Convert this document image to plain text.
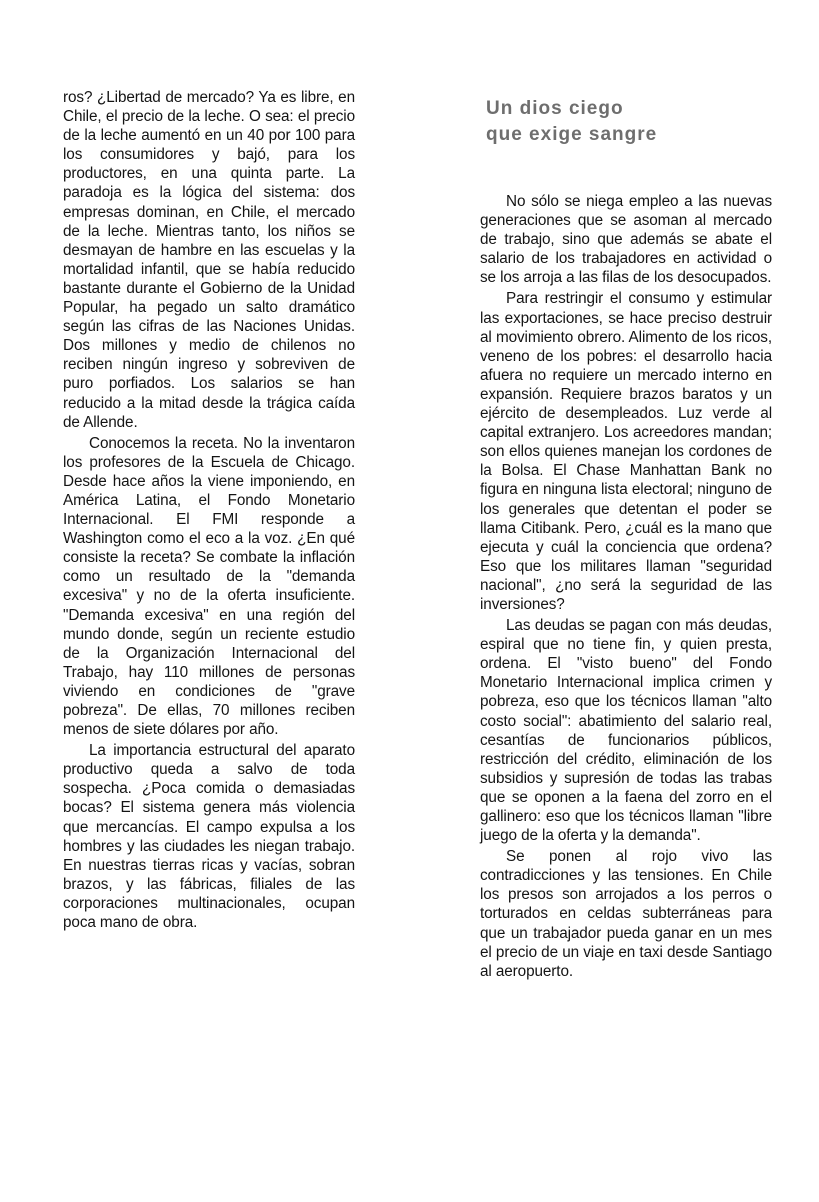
ros? ¿Libertad de mercado? Ya es libre, en Chile, el precio de la leche. O sea: el precio de la leche aumentó en un 40 por 100 para los consumidores y bajó, para los productores, en una quinta parte. La paradoja es la lógica del sistema: dos empresas dominan, en Chile, el mercado de la leche. Mientras tanto, los niños se desmayan de hambre en las escuelas y la mortalidad infantil, que se había reducido bastante durante el Gobierno de la Unidad Popular, ha pegado un salto dramático según las cifras de las Naciones Unidas. Dos millones y medio de chilenos no reciben ningún ingreso y sobreviven de puro porfiados. Los salarios se han reducido a la mitad desde la trágica caída de Allende.

Conocemos la receta. No la inventaron los profesores de la Escuela de Chicago. Desde hace años la viene imponiendo, en América Latina, el Fondo Monetario Internacional. El FMI responde a Washington como el eco a la voz. ¿En qué consiste la receta? Se combate la inflación como un resultado de la "demanda excesiva" y no de la oferta insuficiente. "Demanda excesiva" en una región del mundo donde, según un reciente estudio de la Organización Internacional del Trabajo, hay 110 millones de personas viviendo en condiciones de "grave pobreza". De ellas, 70 millones reciben menos de siete dólares por año.

La importancia estructural del aparato productivo queda a salvo de toda sospecha. ¿Poca comida o demasiadas bocas? El sistema genera más violencia que mercancías. El campo expulsa a los hombres y las ciudades les niegan trabajo. En nuestras tierras ricas y vacías, sobran brazos, y las fábricas, filiales de las corporaciones multinacionales, ocupan poca mano de obra.

Un dios ciego
que exige sangre

No sólo se niega empleo a las nuevas generaciones que se asoman al mercado de trabajo, sino que además se abate el salario de los trabajadores en actividad o se los arroja a las filas de los desocupados.

Para restringir el consumo y estimular las exportaciones, se hace preciso destruir al movimiento obrero. Alimento de los ricos, veneno de los pobres: el desarrollo hacia afuera no requiere un mercado interno en expansión. Requiere brazos baratos y un ejército de desempleados. Luz verde al capital extranjero. Los acreedores mandan; son ellos quienes manejan los cordones de la Bolsa. El Chase Manhattan Bank no figura en ninguna lista electoral; ninguno de los generales que detentan el poder se llama Citibank. Pero, ¿cuál es la mano que ejecuta y cuál la conciencia que ordena? Eso que los militares llaman "seguridad nacional", ¿no será la seguridad de las inversiones?

Las deudas se pagan con más deudas, espiral que no tiene fin, y quien presta, ordena. El "visto bueno" del Fondo Monetario Internacional implica crimen y pobreza, eso que los técnicos llaman "alto costo social": abatimiento del salario real, cesantías de funcionarios públicos, restricción del crédito, eliminación de los subsidios y supresión de todas las trabas que se oponen a la faena del zorro en el gallinero: eso que los técnicos llaman "libre juego de la oferta y la demanda".

Se ponen al rojo vivo las contradicciones y las tensiones. En Chile los presos son arrojados a los perros o torturados en celdas subterráneas para que un trabajador pueda ganar en un mes el precio de un viaje en taxi desde Santiago al aeropuerto.
